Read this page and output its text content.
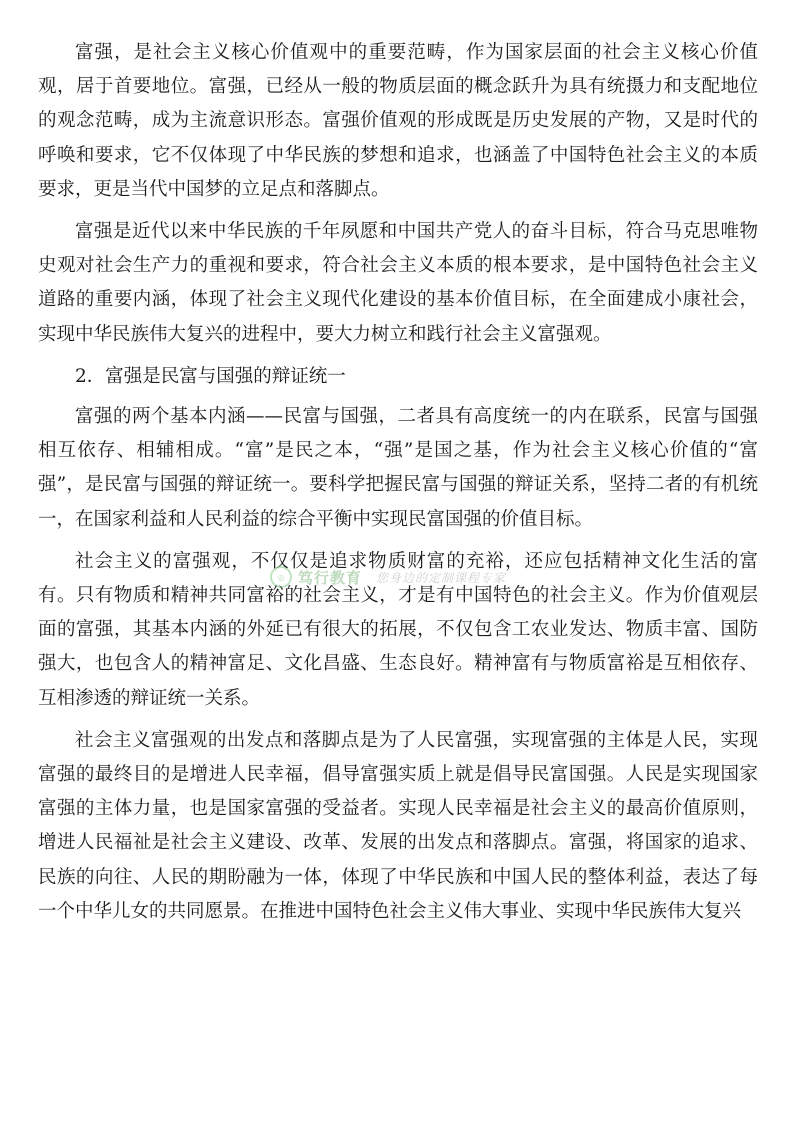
富强，是社会主义核心价值观中的重要范畴，作为国家层面的社会主义核心价值观，居于首要地位。富强，已经从一般的物质层面的概念跃升为具有统摄力和支配地位的观念范畴，成为主流意识形态。富强价值观的形成既是历史发展的产物，又是时代的呼唤和要求，它不仅体现了中华民族的梦想和追求，也涵盖了中国特色社会主义的本质要求，更是当代中国梦的立足点和落脚点。

富强是近代以来中华民族的千年夙愿和中国共产党人的奋斗目标，符合马克思唯物史观对社会生产力的重视和要求，符合社会主义本质的根本要求，是中国特色社会主义道路的重要内涵，体现了社会主义现代化建设的基本价值目标，在全面建成小康社会，实现中华民族伟大复兴的进程中，要大力树立和践行社会主义富强观。

2．富强是民富与国强的辩证统一

富强的两个基本内涵——民富与国强，二者具有高度统一的内在联系，民富与国强相互依存、相辅相成。“富”是民之本，“强”是国之基，作为社会主义核心价值的“富强”，是民富与国强的辩证统一。要科学把握民富与国强的辩证关系，坚持二者的有机统一，在国家利益和人民利益的综合平衡中实现民富国强的价值目标。

社会主义的富强观，不仅仅是追求物质财富的充裕，还应包括精神文化生活的富有。只有物质和精神共同富裕的社会主义，才是有中国特色的社会主义。作为价值观层面的富强，其基本内涵的外延已有很大的拓展，不仅包含工农业发达、物质丰富、国防强大，也包含人的精神富足、文化昌盛、生态良好。精神富有与物质富裕是互相依存、互相渗透的辩证统一关系。

社会主义富强观的出发点和落脚点是为了人民富强，实现富强的主体是人民，实现富强的最终目的是增进人民幸福，倡导富强实质上就是倡导民富国强。人民是实现国家富强的主体力量，也是国家富强的受益者。实现人民幸福是社会主义的最高价值原则，增进人民福祉是社会主义建设、改革、发展的出发点和落脚点。富强，将国家的追求、民族的向往、人民的期盼融为一体，体现了中华民族和中国人民的整体利益，表达了每一个中华儿女的共同愿景。在推进中国特色社会主义伟大事业、实现中华民族伟大复兴

◎ 笃行教育 您身边的定制课程专家
